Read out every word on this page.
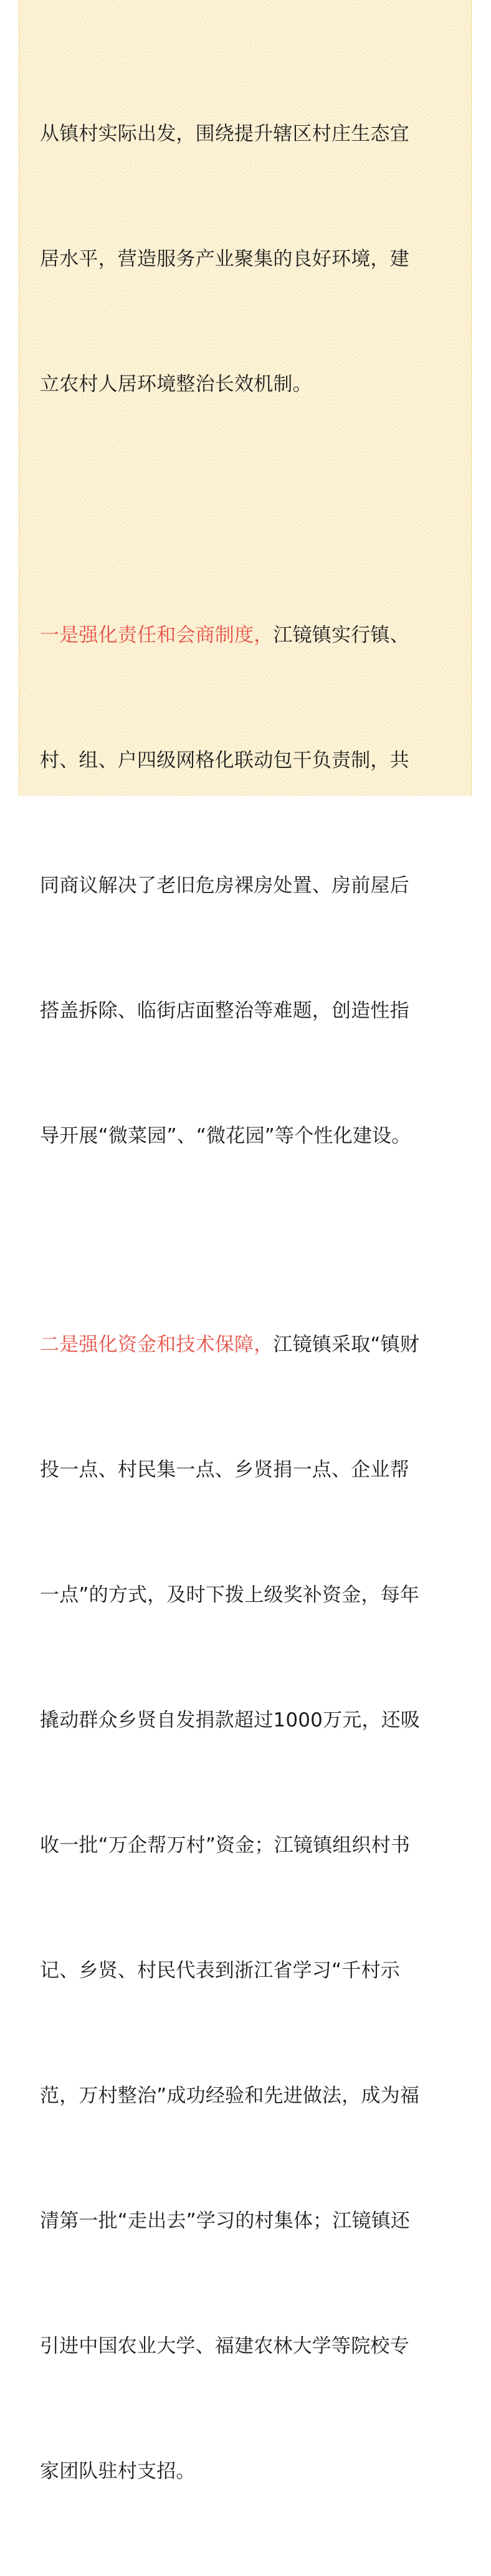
从镇村实际出发，围绕提升辖区村庄生态宜

居水平，营造服务产业聚集的良好环境，建

立农村人居环境整治长效机制。

一是强化责任和会商制度，江镜镇实行镇、

村、组、户四级网格化联动包干负责制，共

同商议解决了老旧危房裸房处置、房前屋后

搭盖拆除、临街店面整治等难题，创造性指

导开展“微菜园”、“微花园”等个性化建设。

二是强化资金和技术保障，江镜镇采取“镇财

投一点、村民集一点、乡贤捐一点、企业帮

一点”的方式，及时下拨上级奖补资金，每年

撬动群众乡贤自发捐款超过1000万元，还吸

收一批“万企帮万村”资金；江镜镇组织村书

记、乡贤、村民代表到浙江省学习“千村示

范，万村整治”成功经验和先进做法，成为福

清第一批“走出去”学习的村集体；江镜镇还

引进中国农业大学、福建农林大学等院校专

家团队驻村支招。
